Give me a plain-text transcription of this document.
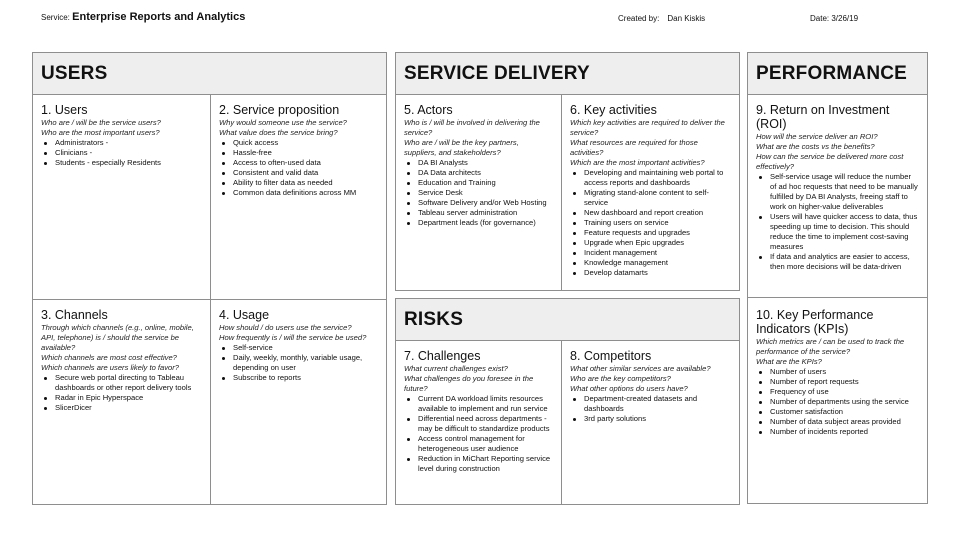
Service: Enterprise Reports and Analytics	Created by: Dan Kiskis	Date: 3/26/19
USERS
1. Users
Who are / will be the service users?
Who are the most important users?
Administrators -
Clinicians -
Students - especially Residents
2. Service proposition
Why would someone use the service?
What value does the service bring?
Quick access
Hassle-free
Access to often-used data
Consistent and valid data
Ability to filter data as needed
Common data definitions across MM
3. Channels
Through which channels (e.g., online, mobile, API, telephone) is / should the service be available?
Which channels are most cost effective?
Which channels are users likely to favor?
Secure web portal directing to Tableau dashboards or other report delivery tools
Radar in Epic Hyperspace
SlicerDicer
4. Usage
How should / do users use the service?
How frequently is / will the service be used?
Self-service
Daily, weekly, monthly, variable usage, depending on user
Subscribe to reports
SERVICE DELIVERY
5. Actors
Who is / will be involved in delivering the service?
Who are / will be the key partners, suppliers, and stakeholders?
DA BI Analysts
DA Data architects
Education and Training
Service Desk
Software Delivery and/or Web Hosting
Tableau server administration
Department leads (for governance)
6. Key activities
Which key activities are required to deliver the service?
What resources are required for those activities?
Which are the most important activities?
Developing and maintaining web portal to access reports and dashboards
Migrating stand-alone content to self-service
New dashboard and report creation
Training users on service
Feature requests and upgrades
Upgrade when Epic upgrades
Incident management
Knowledge management
Develop datamarts
RISKS
7. Challenges
What current challenges exist?
What challenges do you foresee in the future?
Current DA workload limits resources available to implement and run service
Differential need across departments - may be difficult to standardize products
Access control management for heterogeneous user audience
Reduction in MiChart Reporting service level during construction
8. Competitors
What other similar services are available?
Who are the key competitors?
What other options do users have?
Department-created datasets and dashboards
3rd party solutions
PERFORMANCE
9. Return on Investment (ROI)
How will the service deliver an ROI?
What are the costs vs the benefits?
How can the service be delivered more cost effectively?
Self-service usage will reduce the number of ad hoc requests that need to be manually fulfilled by DA BI Analysts, freeing staff to work on higher-value deliverables
Users will have quicker access to data, thus speeding up time to decision. This should reduce the time to implement cost-saving measures
If data and analytics are easier to access, then more decisions will be data-driven
10. Key Performance Indicators (KPIs)
Which metrics are / can be used to track the performance of the service?
What are the KPIs?
Number of users
Number of report requests
Frequency of use
Number of departments using the service
Customer satisfaction
Number of data subject areas provided
Number of incidents reported
